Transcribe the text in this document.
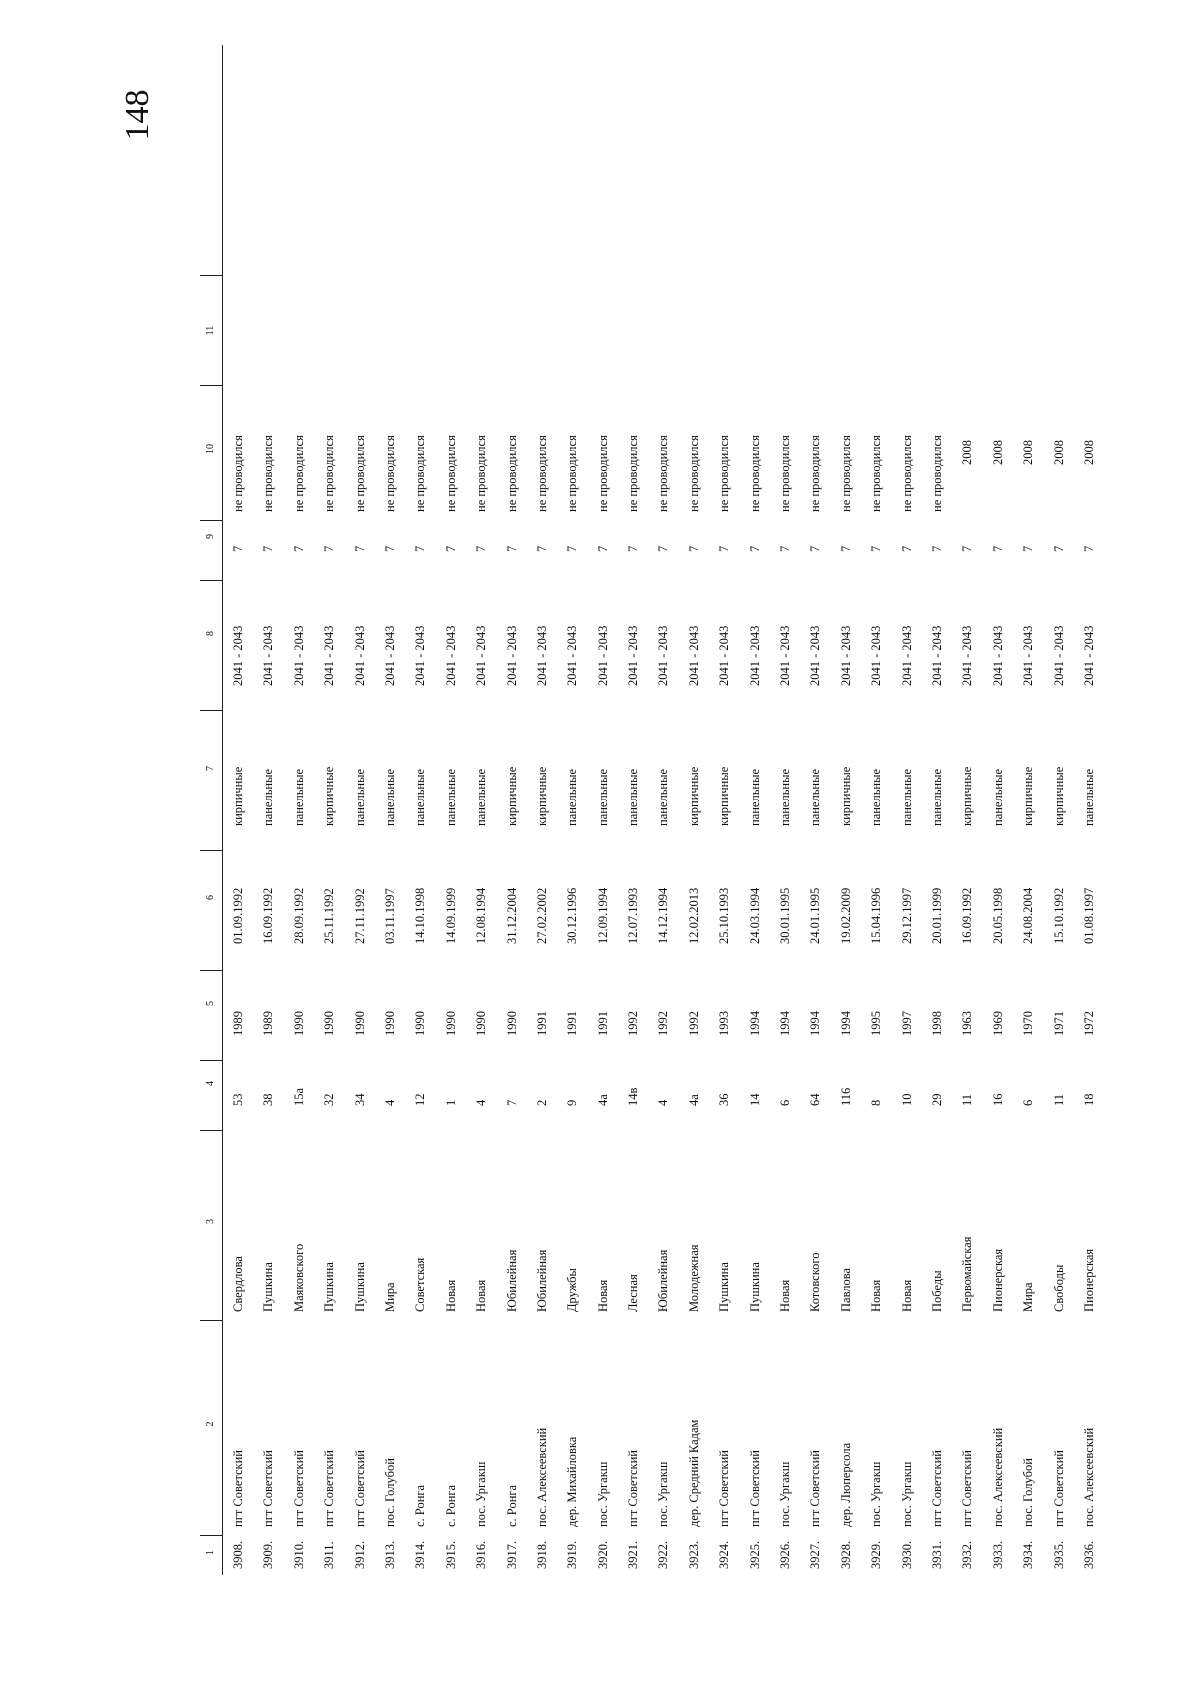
148
1
2
3
4
5
6
7
8
9
10
11
3908.
пгт Советский
Свердлова
53
1989
01.09.1992
кирпичные
2041 - 2043
7
не проводился
3909.
пгт Советский
Пушкина
38
1989
16.09.1992
панельные
2041 - 2043
7
не проводился
3910.
пгт Советский
Маяковского
15а
1990
28.09.1992
панельные
2041 - 2043
7
не проводился
3911.
пгт Советский
Пушкина
32
1990
25.11.1992
кирпичные
2041 - 2043
7
не проводился
3912.
пгт Советский
Пушкина
34
1990
27.11.1992
панельные
2041 - 2043
7
не проводился
3913.
пос. Голубой
Мира
4
1990
03.11.1997
панельные
2041 - 2043
7
не проводился
3914.
с. Ронга
Советская
12
1990
14.10.1998
панельные
2041 - 2043
7
не проводился
3915.
с. Ронга
Новая
1
1990
14.09.1999
панельные
2041 - 2043
7
не проводился
3916.
пос. Ургакш
Новая
4
1990
12.08.1994
панельные
2041 - 2043
7
не проводился
3917.
с. Ронга
Юбилейная
7
1990
31.12.2004
кирпичные
2041 - 2043
7
не проводился
3918.
пос. Алексеевский
Юбилейная
2
1991
27.02.2002
кирпичные
2041 - 2043
7
не проводился
3919.
дер. Михайловка
Дружбы
9
1991
30.12.1996
панельные
2041 - 2043
7
не проводился
3920.
пос. Ургакш
Новая
4а
1991
12.09.1994
панельные
2041 - 2043
7
не проводился
3921.
пгт Советский
Лесная
14в
1992
12.07.1993
панельные
2041 - 2043
7
не проводился
3922.
пос. Ургакш
Юбилейная
4
1992
14.12.1994
панельные
2041 - 2043
7
не проводился
3923.
дер. Средний Кадам
Молодежная
4а
1992
12.02.2013
кирпичные
2041 - 2043
7
не проводился
3924.
пгт Советский
Пушкина
36
1993
25.10.1993
кирпичные
2041 - 2043
7
не проводился
3925.
пгт Советский
Пушкина
14
1994
24.03.1994
панельные
2041 - 2043
7
не проводился
3926.
пос. Ургакш
Новая
6
1994
30.01.1995
панельные
2041 - 2043
7
не проводился
3927.
пгт Советский
Котовского
64
1994
24.01.1995
панельные
2041 - 2043
7
не проводился
3928.
дер. Люперсола
Павлова
116
1994
19.02.2009
кирпичные
2041 - 2043
7
не проводился
3929.
пос. Ургакш
Новая
8
1995
15.04.1996
панельные
2041 - 2043
7
не проводился
3930.
пос. Ургакш
Новая
10
1997
29.12.1997
панельные
2041 - 2043
7
не проводился
3931.
пгт Советский
Победы
29
1998
20.01.1999
панельные
2041 - 2043
7
не проводился
3932.
пгт Советский
Первомайская
11
1963
16.09.1992
кирпичные
2041 - 2043
7
2008
3933.
пос. Алексеевский
Пионерская
16
1969
20.05.1998
панельные
2041 - 2043
7
2008
3934.
пос. Голубой
Мира
6
1970
24.08.2004
кирпичные
2041 - 2043
7
2008
3935.
пгт Советский
Свободы
11
1971
15.10.1992
кирпичные
2041 - 2043
7
2008
3936.
пос. Алексеевский
Пионерская
18
1972
01.08.1997
панельные
2041 - 2043
7
2008
